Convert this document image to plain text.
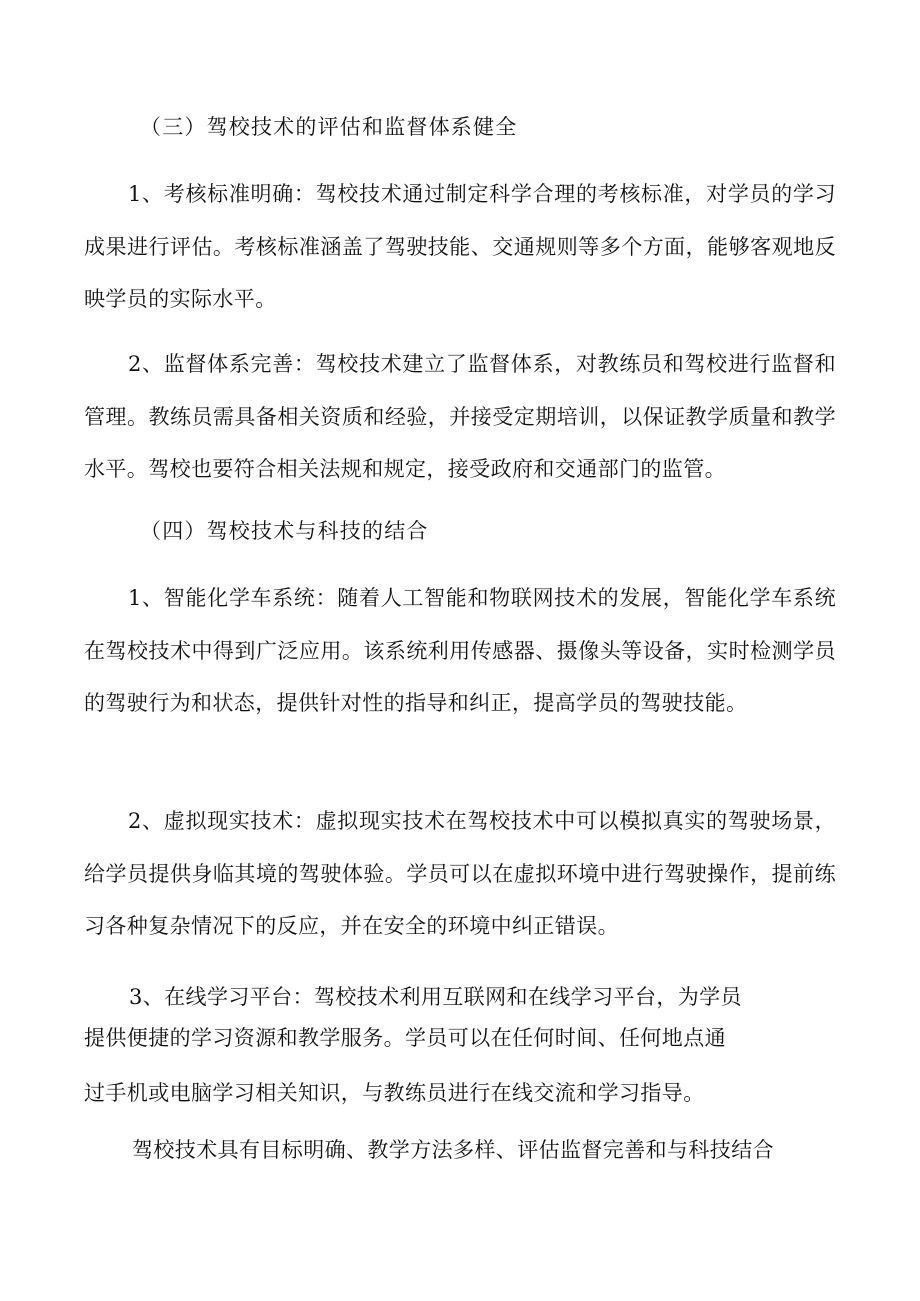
（三）驾校技术的评估和监督体系健全

1、考核标准明确：驾校技术通过制定科学合理的考核标准，对学员的学习成果进行评估。考核标准涵盖了驾驶技能、交通规则等多个方面，能够客观地反映学员的实际水平。

2、监督体系完善：驾校技术建立了监督体系，对教练员和驾校进行监督和管理。教练员需具备相关资质和经验，并接受定期培训，以保证教学质量和教学水平。驾校也要符合相关法规和规定，接受政府和交通部门的监管。

（四）驾校技术与科技的结合

1、智能化学车系统：随着人工智能和物联网技术的发展，智能化学车系统在驾校技术中得到广泛应用。该系统利用传感器、摄像头等设备，实时检测学员的驾驶行为和状态，提供针对性的指导和纠正，提高学员的驾驶技能。

2、虚拟现实技术：虚拟现实技术在驾校技术中可以模拟真实的驾驶场景，给学员提供身临其境的驾驶体验。学员可以在虚拟环境中进行驾驶操作，提前练习各种复杂情况下的反应，并在安全的环境中纠正错误。

3、在线学习平台：驾校技术利用互联网和在线学习平台，为学员
提供便捷的学习资源和教学服务。学员可以在任何时间、任何地点通
过手机或电脑学习相关知识，与教练员进行在线交流和学习指导。
驾校技术具有目标明确、教学方法多样、评估监督完善和与科技结合
